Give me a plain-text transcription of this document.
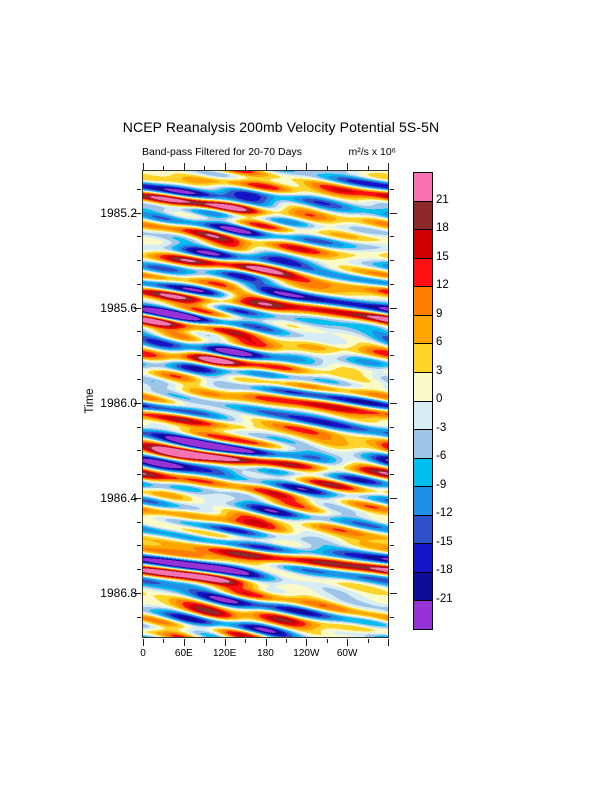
NCEP Reanalysis 200mb Velocity Potential 5S-5N
Band-pass Filtered for 20-70 Days	m²/s x 10⁶
Time
0	60E	120E	180	120W	60W
1985.2
1985.6
1986.0
1986.4
1986.8
21
18
15
12
9
6
3
0
-3
-6
-9
-12
-15
-18
-21
